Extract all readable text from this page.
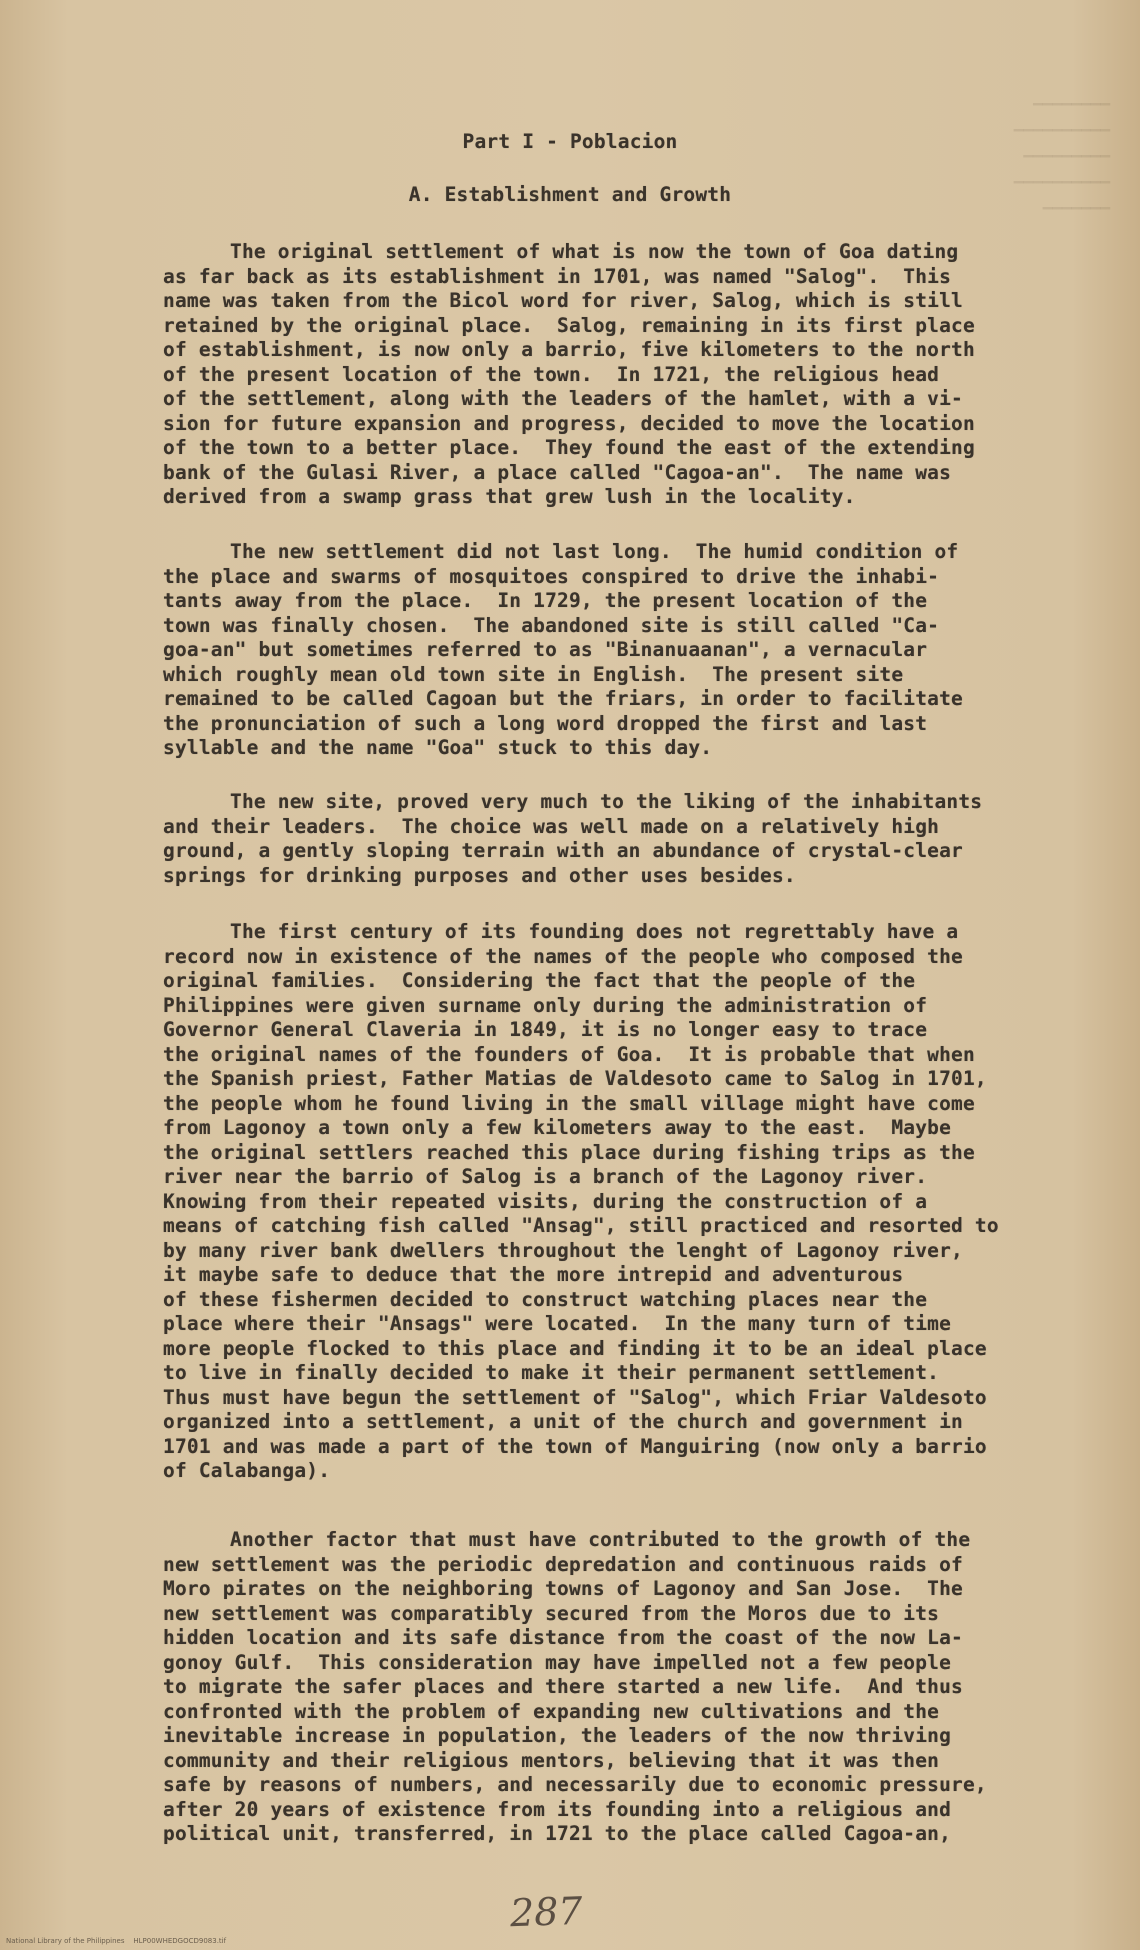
▔▔▔▔▔▔▔▔
▔▔▔▔▔▔▔▔▔▔
▔▔▔▔▔▔▔▔▔
▔▔▔▔▔▔▔▔▔▔
▔▔▔▔▔▔▔
Part I - Poblacion
A. Establishment and Growth
The original settlement of what is now the town of Goa dating
as far back as its establishment in 1701, was named "Salog".  This
name was taken from the Bicol word for river, Salog, which is still
retained by the original place.  Salog, remaining in its first place
of establishment, is now only a barrio, five kilometers to the north
of the present location of the town.  In 1721, the religious head
of the settlement, along with the leaders of the hamlet, with a vi-
sion for future expansion and progress, decided to move the location
of the town to a better place.  They found the east of the extending
bank of the Gulasi River, a place called "Cagoa-an".  The name was
derived from a swamp grass that grew lush in the locality.
The new settlement did not last long.  The humid condition of
the place and swarms of mosquitoes conspired to drive the inhabi-
tants away from the place.  In 1729, the present location of the
town was finally chosen.  The abandoned site is still called "Ca-
goa-an" but sometimes referred to as "Binanuaanan", a vernacular
which roughly mean old town site in English.  The present site
remained to be called Cagoan but the friars, in order to facilitate
the pronunciation of such a long word dropped the first and last
syllable and the name "Goa" stuck to this day.
The new site, proved very much to the liking of the inhabitants
and their leaders.  The choice was well made on a relatively high
ground, a gently sloping terrain with an abundance of crystal-clear
springs for drinking purposes and other uses besides.
The first century of its founding does not regrettably have a
record now in existence of the names of the people who composed the
original families.  Considering the fact that the people of the
Philippines were given surname only during the administration of
Governor General Claveria in 1849, it is no longer easy to trace
the original names of the founders of Goa.  It is probable that when
the Spanish priest, Father Matias de Valdesoto came to Salog in 1701,
the people whom he found living in the small village might have come
from Lagonoy a town only a few kilometers away to the east.  Maybe
the original settlers reached this place during fishing trips as the
river near the barrio of Salog is a branch of the Lagonoy river.
Knowing from their repeated visits, during the construction of a
means of catching fish called "Ansag", still practiced and resorted to
by many river bank dwellers throughout the lenght of Lagonoy river,
it maybe safe to deduce that the more intrepid and adventurous
of these fishermen decided to construct watching places near the
place where their "Ansags" were located.  In the many turn of time
more people flocked to this place and finding it to be an ideal place
to live in finally decided to make it their permanent settlement.
Thus must have begun the settlement of "Salog", which Friar Valdesoto
organized into a settlement, a unit of the church and government in
1701 and was made a part of the town of Manguiring (now only a barrio
of Calabanga).
Another factor that must have contributed to the growth of the
new settlement was the periodic depredation and continuous raids of
Moro pirates on the neighboring towns of Lagonoy and San Jose.  The
new settlement was comparatibly secured from the Moros due to its
hidden location and its safe distance from the coast of the now La-
gonoy Gulf.  This consideration may have impelled not a few people
to migrate the safer places and there started a new life.  And thus
confronted with the problem of expanding new cultivations and the
inevitable increase in population, the leaders of the now thriving
community and their religious mentors, believing that it was then
safe by reasons of numbers, and necessarily due to economic pressure,
after 20 years of existence from its founding into a religious and
political unit, transferred, in 1721 to the place called Cagoa-an,
287
National Library of the Philippines    HLP00WHEDGOCD9083.tif
